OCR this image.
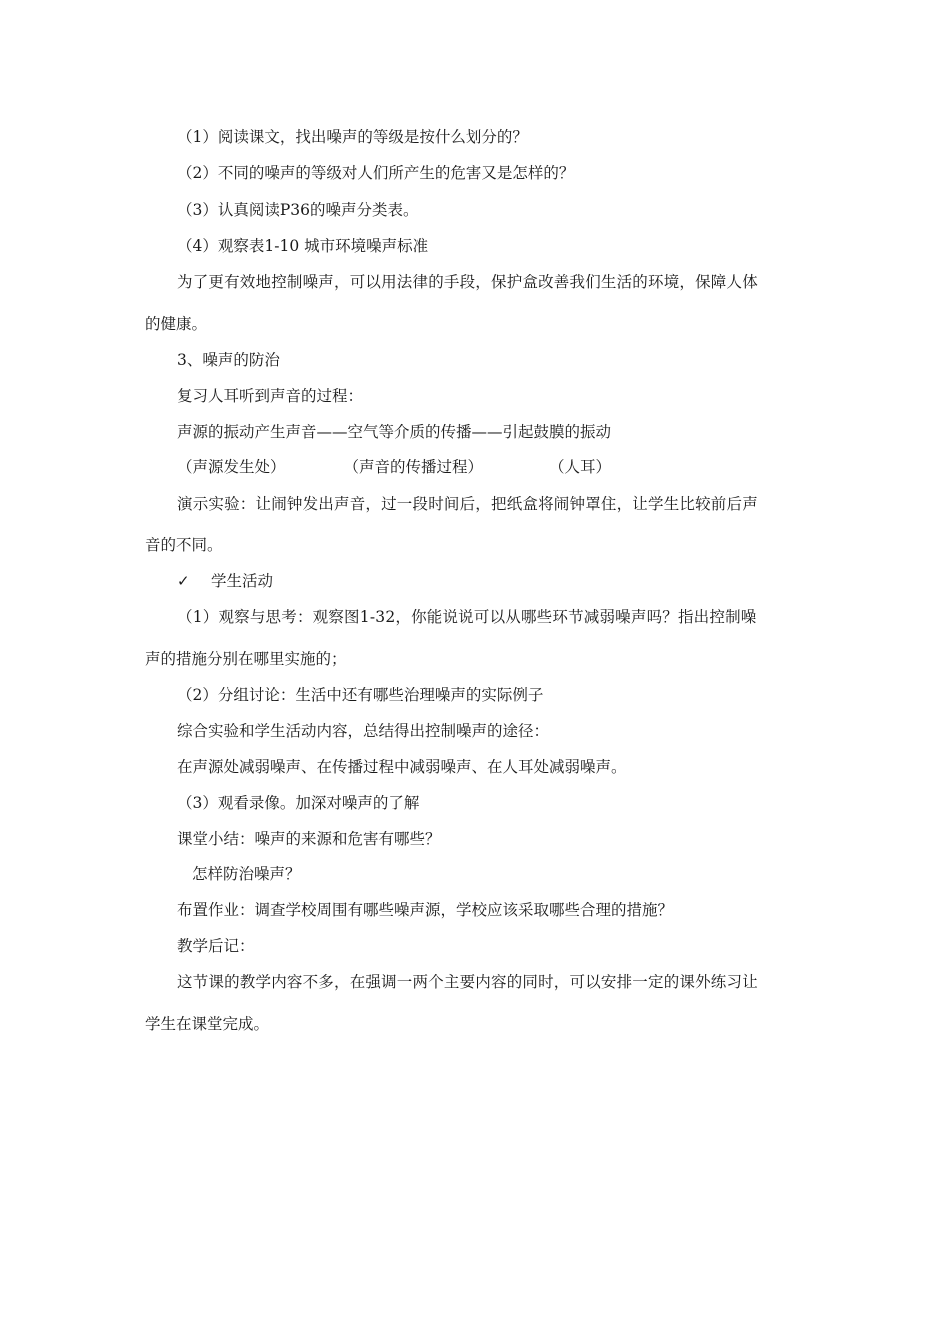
（1）阅读课文，找出噪声的等级是按什么划分的？
（2）不同的噪声的等级对人们所产生的危害又是怎样的？
（3）认真阅读P36的噪声分类表。
（4）观察表1-10 城市环境噪声标准
为了更有效地控制噪声，可以用法律的手段，保护盒改善我们生活的环境，保障人体
的健康。
3、噪声的防治
复习人耳听到声音的过程：
声源的振动产生声音——空气等介质的传播——引起鼓膜的振动
（声源发生处）	（声音的传播过程）	（人耳）
演示实验：让闹钟发出声音，过一段时间后，把纸盒将闹钟罩住，让学生比较前后声
音的不同。
✓ 学生活动
（1）观察与思考：观察图1-32，你能说说可以从哪些环节减弱噪声吗？指出控制噪
声的措施分别在哪里实施的；
（2）分组讨论：生活中还有哪些治理噪声的实际例子
综合实验和学生活动内容，总结得出控制噪声的途径：
在声源处减弱噪声、在传播过程中减弱噪声、在人耳处减弱噪声。
（3）观看录像。加深对噪声的了解
课堂小结：噪声的来源和危害有哪些？
怎样防治噪声？
布置作业：调查学校周围有哪些噪声源，学校应该采取哪些合理的措施？
教学后记：
这节课的教学内容不多，在强调一两个主要内容的同时，可以安排一定的课外练习让
学生在课堂完成。
